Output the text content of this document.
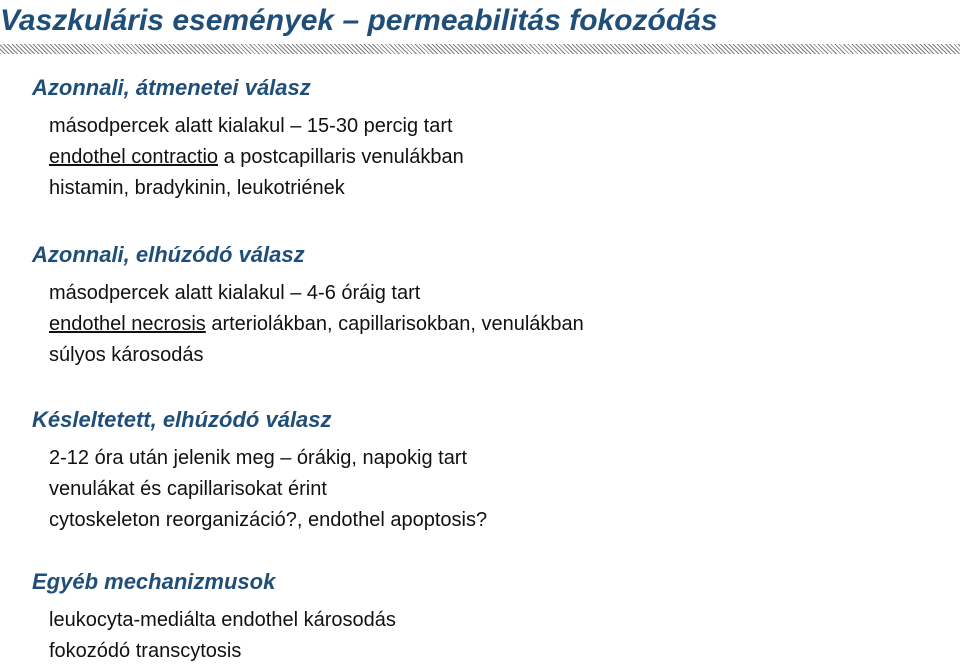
Vaszkuláris események – permeabilitás fokozódás
Azonnali, átmenetei válasz
másodpercek alatt kialakul – 15-30 percig tart
endothel contractio a postcapillaris venulákban
histamin, bradykinin, leukotriének
Azonnali, elhúzódó válasz
másodpercek alatt kialakul – 4-6 óráig tart
endothel necrosis arteriolákban, capillarisokban, venulákban
súlyos károsodás
Késleltetett, elhúzódó válasz
2-12 óra után jelenik meg – órákig, napokig tart
venulákat és capillarisokat érint
cytoskeleton reorganizáció?, endothel apoptosis?
Egyéb mechanizmusok
leukocyta-mediálta endothel károsodás
fokozódó transcytosis
